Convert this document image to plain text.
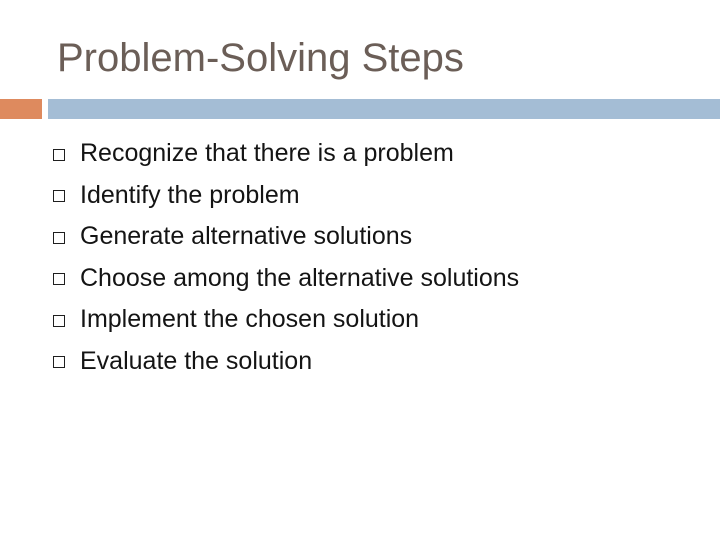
Problem-Solving Steps
Recognize that there is a problem
Identify the problem
Generate alternative solutions
Choose among the alternative solutions
Implement the chosen solution
Evaluate the solution
